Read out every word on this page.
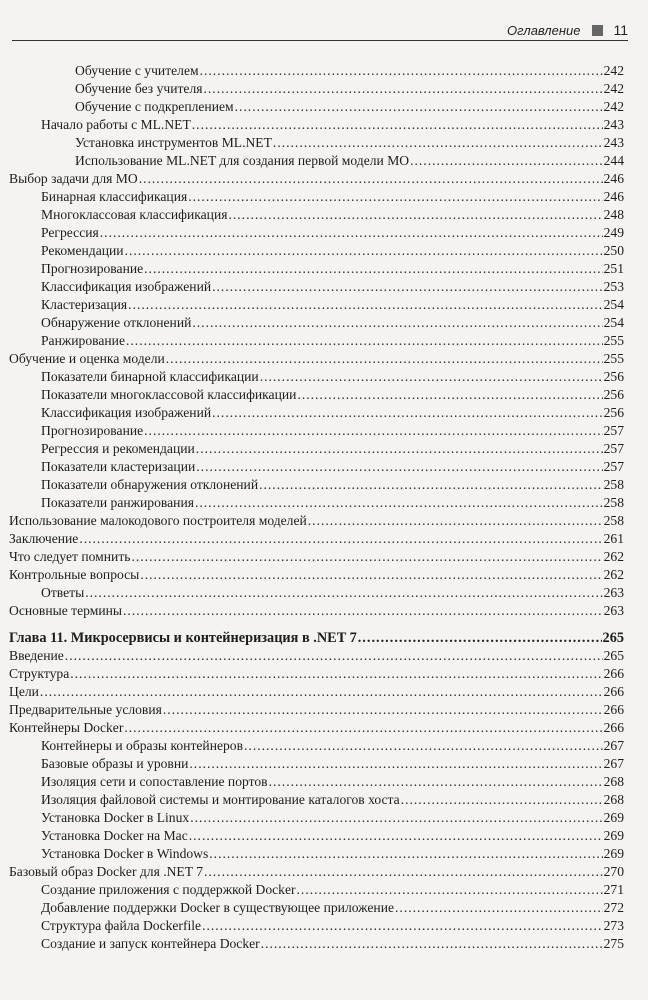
Оглавление 11
Обучение с учителем .....	242
Обучение без учителя .....	242
Обучение с подкреплением .....	242
Начало работы с ML.NET .....	243
Установка инструментов ML.NET .....	243
Использование ML.NET для создания первой модели МО .....	244
Выбор задачи для МО .....	246
Бинарная классификация .....	246
Многоклассовая классификация .....	248
Регрессия .....	249
Рекомендации .....	250
Прогнозирование .....	251
Классификация изображений .....	253
Кластеризация .....	254
Обнаружение отклонений .....	254
Ранжирование .....	255
Обучение и оценка модели .....	255
Показатели бинарной классификации .....	256
Показатели многоклассовой классификации .....	256
Классификация изображений .....	256
Прогнозирование .....	257
Регрессия и рекомендации .....	257
Показатели кластеризации .....	257
Показатели обнаружения отклонений .....	258
Показатели ранжирования .....	258
Использование малокодового построителя моделей .....	258
Заключение .....	261
Что следует помнить .....	262
Контрольные вопросы .....	262
Ответы .....	263
Основные термины .....	263
Глава 11. Микросервисы и контейнеризация в .NET 7 .....	265
Введение .....	265
Структура .....	266
Цели .....	266
Предварительные условия .....	266
Контейнеры Docker .....	266
Контейнеры и образы контейнеров .....	267
Базовые образы и уровни .....	267
Изоляция сети и сопоставление портов .....	268
Изоляция файловой системы и монтирование каталогов хоста .....	268
Установка Docker в Linux .....	269
Установка Docker на Mac .....	269
Установка Docker в Windows .....	269
Базовый образ Docker для .NET 7 .....	270
Создание приложения с поддержкой Docker .....	271
Добавление поддержки Docker в существующее приложение .....	272
Структура файла Dockerfile .....	273
Создание и запуск контейнера Docker .....	275
